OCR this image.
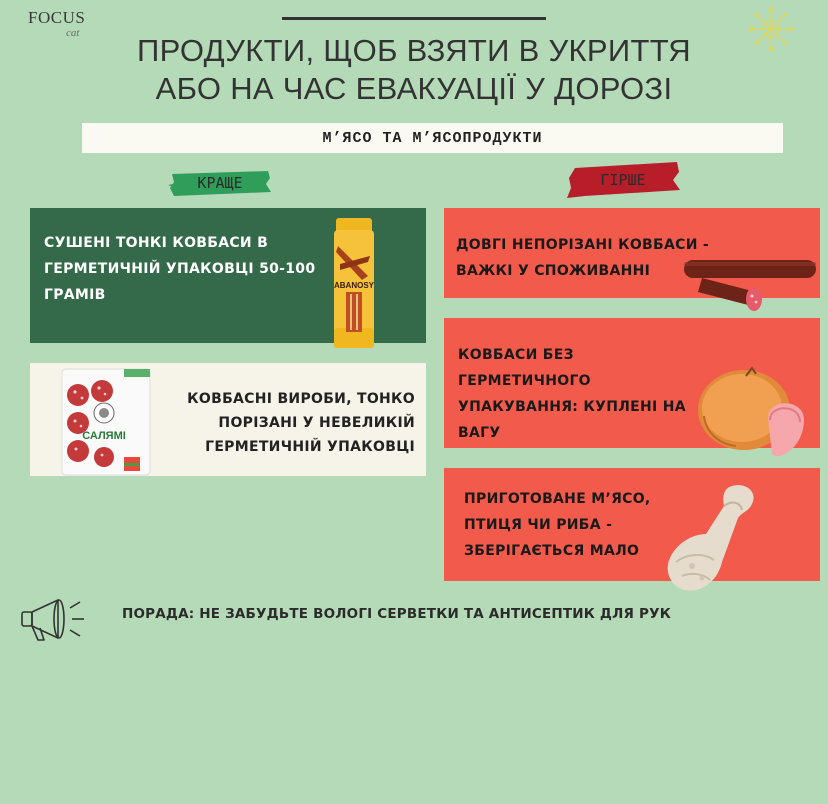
FOCUS
cat	ПРОДУКТИ, ЩОБ ВЗЯТИ В УКРИТТЯ
АБО НА ЧАС ЕВАКУАЦІЇ У ДОРОЗІ
М’ЯСО ТА М’ЯСОПРОДУКТИ
КРАЩЕ	ГІРШЕ
СУШЕНІ ТОНКІ КОВБАСИ В
ГЕРМЕТИЧНІЙ УПАКОВЦІ 50-100
ГРАМІВ
ABANOSY
КОВБАСНІ ВИРОБИ, ТОНКО
ПОРІЗАНІ У НЕВЕЛИКІЙ
ГЕРМЕТИЧНІЙ УПАКОВЦІ
САЛЯМІ
ДОВГІ НЕПОРІЗАНІ КОВБАСИ -
ВАЖКІ У СПОЖИВАННІ
КОВБАСИ БЕЗ
ГЕРМЕТИЧНОГО
УПАКУВАННЯ: КУПЛЕНІ НА
ВАГУ
ПРИГОТОВАНЕ М’ЯСО,
ПТИЦЯ ЧИ РИБА -
ЗБЕРІГАЄТЬСЯ МАЛО
ПОРАДА: НЕ ЗАБУДЬТЕ ВОЛОГІ СЕРВЕТКИ ТА АНТИСЕПТИК ДЛЯ РУК
